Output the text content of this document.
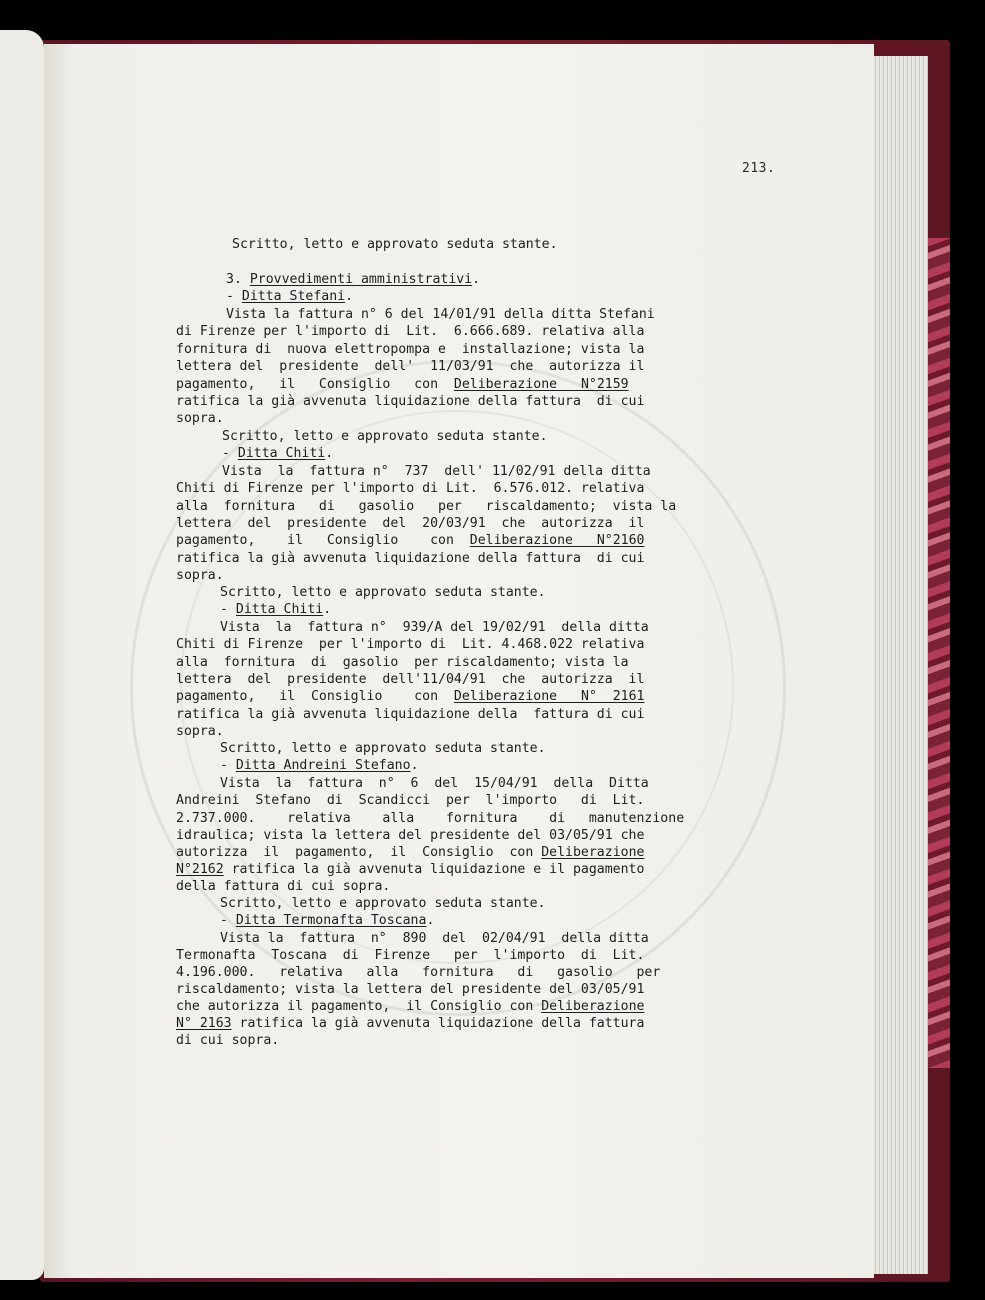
213.
Scritto, letto e approvato seduta stante.
3. Provvedimenti amministrativi.
- Ditta Stefani.
Vista la fattura n° 6 del 14/01/91 della ditta Stefani
di Firenze per l'importo di  Lit.  6.666.689. relativa alla
fornitura di  nuova elettropompa e  installazione; vista la
lettera del  presidente  dell'  11/03/91  che  autorizza il
pagamento,   il   Consiglio   con Deliberazione   N°2159
ratifica la già avvenuta liquidazione della fattura  di cui
sopra.
Scritto, letto e approvato seduta stante.
- Ditta Chiti.
Vista  la  fattura n°  737  dell' 11/02/91 della ditta
Chiti di Firenze per l'importo di Lit.  6.576.012. relativa
alla  fornitura   di   gasolio   per   riscaldamento;  vista la
lettera  del  presidente  del  20/03/91  che  autorizza  il
pagamento,    il   Consiglio    con Deliberazione   N°2160
ratifica la già avvenuta liquidazione della fattura  di cui
sopra.
Scritto, letto e approvato seduta stante.
- Ditta Chiti.
Vista  la  fattura n°  939/A del 19/02/91  della ditta
Chiti di Firenze  per l'importo di  Lit. 4.468.022 relativa
alla  fornitura  di  gasolio  per riscaldamento; vista la
lettera  del  presidente  dell'11/04/91  che  autorizza  il
pagamento,   il  Consiglio    con Deliberazione   N°  2161
ratifica la già avvenuta liquidazione della  fattura di cui
sopra.
Scritto, letto e approvato seduta stante.
- Ditta Andreini Stefano.
Vista  la  fattura  n°  6  del  15/04/91  della  Ditta
Andreini  Stefano  di  Scandicci  per  l'importo   di  Lit.
2.737.000.    relativa    alla    fornitura    di   manutenzione
idraulica; vista la lettera del presidente del 03/05/91 che
autorizza  il  pagamento,  il  Consiglio  con Deliberazione
N°2162 ratifica la già avvenuta liquidazione e il pagamento
della fattura di cui sopra.
Scritto, letto e approvato seduta stante.
- Ditta Termonafta Toscana.
Vista la  fattura  n°  890  del  02/04/91  della ditta
Termonafta  Toscana  di  Firenze   per  l'importo  di  Lit.
4.196.000.   relativa   alla   fornitura   di   gasolio   per
riscaldamento; vista la lettera del presidente del 03/05/91
che autorizza il pagamento,  il Consiglio con Deliberazione
N° 2163 ratifica la già avvenuta liquidazione della fattura
di cui sopra.
